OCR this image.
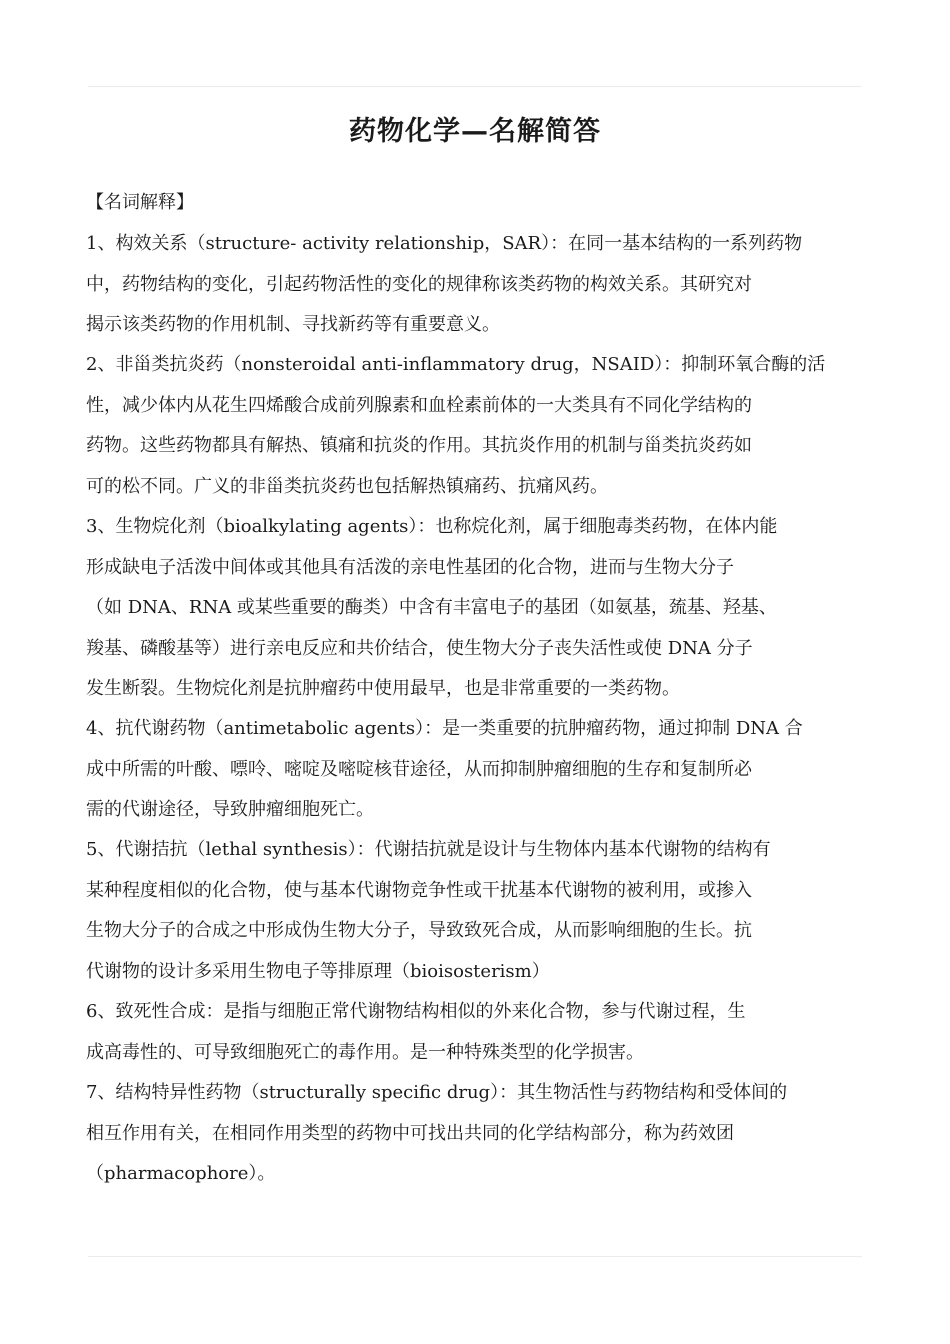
药物化学—名解简答
【名词解释】
1、构效关系（structure- activity relationship，SAR）：在同一基本结构的一系列药物
中，药物结构的变化，引起药物活性的变化的规律称该类药物的构效关系。其研究对
揭示该类药物的作用机制、寻找新药等有重要意义。
2、非甾类抗炎药（nonsteroidal anti-inflammatory drug，NSAID）：抑制环氧合酶的活
性，减少体内从花生四烯酸合成前列腺素和血栓素前体的一大类具有不同化学结构的
药物。这些药物都具有解热、镇痛和抗炎的作用。其抗炎作用的机制与甾类抗炎药如
可的松不同。广义的非甾类抗炎药也包括解热镇痛药、抗痛风药。
3、生物烷化剂（bioalkylating agents）：也称烷化剂，属于细胞毒类药物，在体内能
形成缺电子活泼中间体或其他具有活泼的亲电性基团的化合物，进而与生物大分子
（如 DNA、RNA 或某些重要的酶类）中含有丰富电子的基团（如氨基，巯基、羟基、
羧基、磷酸基等）进行亲电反应和共价结合，使生物大分子丧失活性或使 DNA 分子
发生断裂。生物烷化剂是抗肿瘤药中使用最早，也是非常重要的一类药物。
4、抗代谢药物（antimetabolic agents）：是一类重要的抗肿瘤药物，通过抑制 DNA 合
成中所需的叶酸、嘌呤、嘧啶及嘧啶核苷途径，从而抑制肿瘤细胞的生存和复制所必
需的代谢途径，导致肿瘤细胞死亡。
5、代谢拮抗（lethal synthesis）：代谢拮抗就是设计与生物体内基本代谢物的结构有
某种程度相似的化合物，使与基本代谢物竞争性或干扰基本代谢物的被利用，或掺入
生物大分子的合成之中形成伪生物大分子，导致致死合成，从而影响细胞的生长。抗
代谢物的设计多采用生物电子等排原理（bioisosterism）
6、致死性合成：是指与细胞正常代谢物结构相似的外来化合物，参与代谢过程，生
成高毒性的、可导致细胞死亡的毒作用。是一种特殊类型的化学损害。
7、结构特异性药物（structurally specific drug）：其生物活性与药物结构和受体间的
相互作用有关，在相同作用类型的药物中可找出共同的化学结构部分，称为药效团
（pharmacophore）。
